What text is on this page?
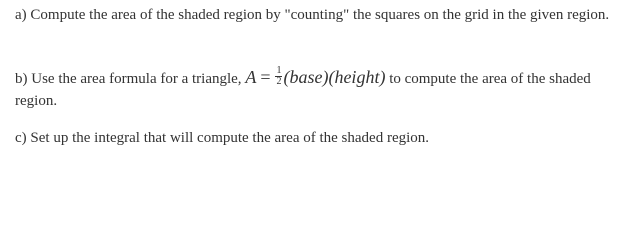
a) Compute the area of the shaded region by "counting" the squares on the grid in the given region.
b) Use the area formula for a triangle, $A = \frac{1}{2}$ (base)(height) to compute the area of the shaded region.
c) Set up the integral that will compute the area of the shaded region.
